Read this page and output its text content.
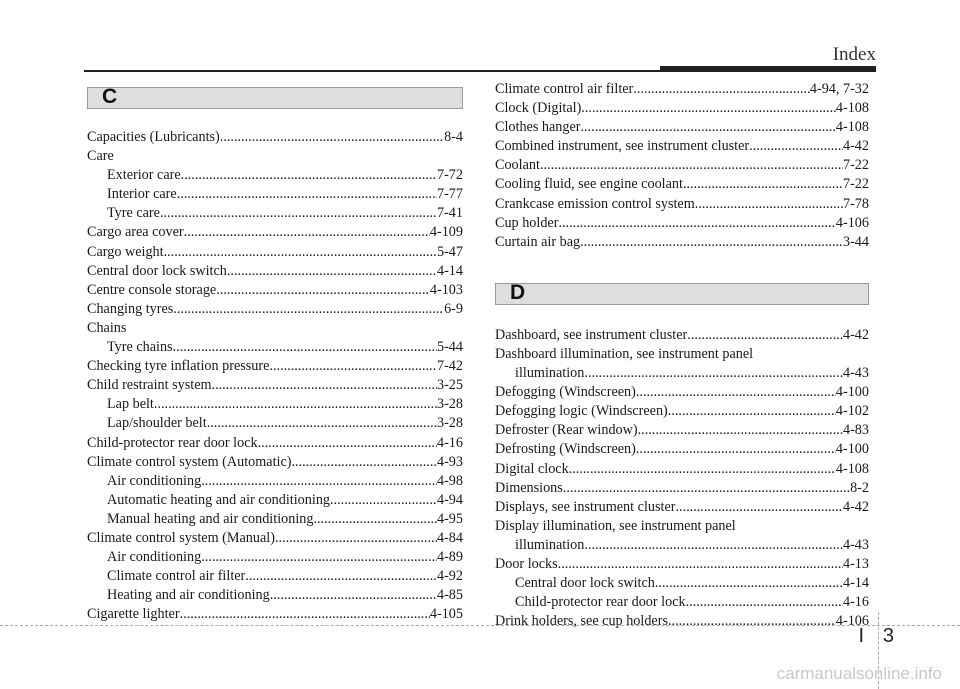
Index
C
Capacities (Lubricants) .....	8-4
Care
Exterior care .....	7-72
Interior care .....	7-77
Tyre care .....	7-41
Cargo area cover .....	4-109
Cargo weight .....	5-47
Central door lock switch .....	4-14
Centre console storage .....	4-103
Changing tyres .....	6-9
Chains
Tyre chains .....	5-44
Checking tyre inflation pressure .....	7-42
Child restraint system .....	3-25
Lap belt .....	3-28
Lap/shoulder belt .....	3-28
Child-protector rear door lock .....	4-16
Climate control system (Automatic) .....	4-93
Air conditioning .....	4-98
Automatic heating and air conditioning .....	4-94
Manual heating and air conditioning .....	4-95
Climate control system (Manual) .....	4-84
Air conditioning .....	4-89
Climate control air filter .....	4-92
Heating and air conditioning .....	4-85
Cigarette lighter .....	4-105
Climate control air filter .....	4-94, 7-32
Clock (Digital) .....	4-108
Clothes hanger .....	4-108
Combined instrument, see instrument cluster .....	4-42
Coolant .....	7-22
Cooling fluid, see engine coolant .....	7-22
Crankcase emission control system .....	7-78
Cup holder .....	4-106
Curtain air bag .....	3-44
D
Dashboard, see instrument cluster .....	4-42
Dashboard illumination, see instrument panel
illumination .....	4-43
Defogging (Windscreen) .....	4-100
Defogging logic (Windscreen) .....	4-102
Defroster (Rear window) .....	4-83
Defrosting (Windscreen) .....	4-100
Digital clock .....	4-108
Dimensions .....	8-2
Displays, see instrument cluster .....	4-42
Display illumination, see instrument panel
illumination .....	4-43
Door locks .....	4-13
Central door lock switch .....	4-14
Child-protector rear door lock .....	4-16
Drink holders, see cup holders .....	4-106
I 3
carmanualsonline.info
